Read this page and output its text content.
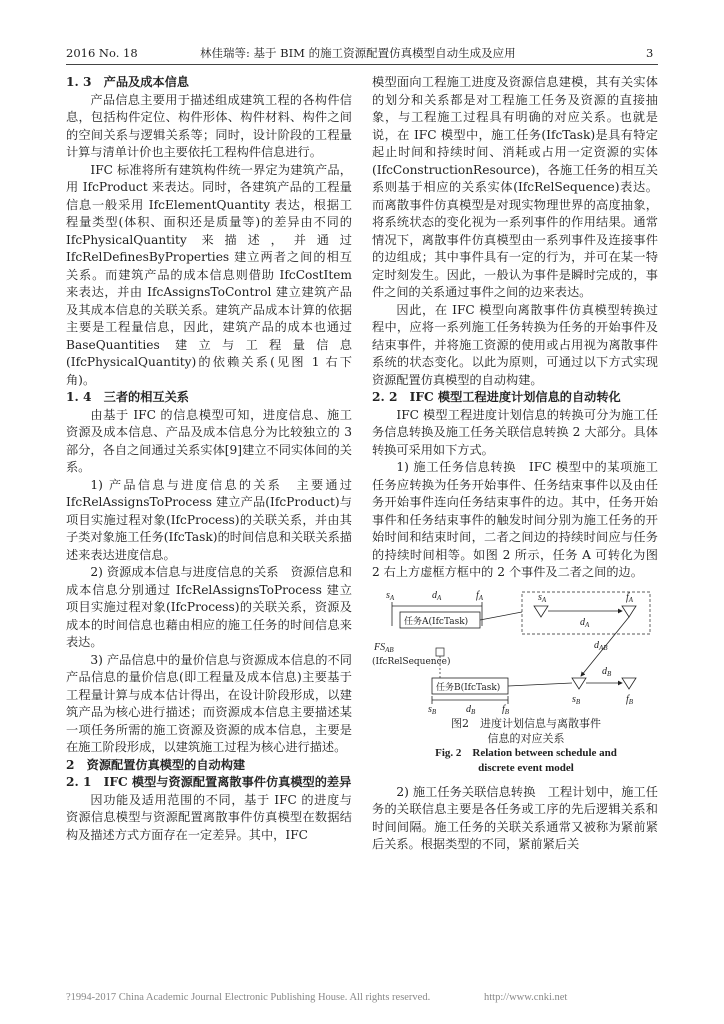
2016 No. 18	林佳瑞等: 基于 BIM 的施工资源配置仿真模型自动生成及应用	3

1. 3　产品及成本信息

产品信息主要用于描述组成建筑工程的各构件信息，包括构件定位、构件形体、构件材料、构件之间的空间关系与逻辑关系等；同时，设计阶段的工程量计算与清单计价也主要依托工程构件信息进行。

IFC 标准将所有建筑构件统一界定为建筑产品，用 IfcProduct 来表达。同时，各建筑产品的工程量信息一般采用 IfcElementQuantity 表达，根据工程量类型(体积、面积还是质量等)的差异由不同的 IfcPhysicalQuantity 来描述，并通过 IfcRelDefinesByProperties 建立两者之间的相互关系。而建筑产品的成本信息则借助 IfcCostItem 来表达，并由 IfcAssignsToControl 建立建筑产品及其成本信息的关联关系。建筑产品成本计算的依据主要是工程量信息，因此，建筑产品的成本也通过 BaseQuantities 建立与工程量信息(IfcPhysicalQuantity)的依赖关系(见图 1 右下角)。

1. 4　三者的相互关系

由基于 IFC 的信息模型可知，进度信息、施工资源及成本信息、产品及成本信息分为比较独立的 3 部分，各自之间通过关系实体[9]建立不同实体间的关系。

1) 产品信息与进度信息的关系　主要通过 IfcRelAssignsToProcess 建立产品(IfcProduct)与项目实施过程对象(IfcProcess)的关联关系，并由其子类对象施工任务(IfcTask)的时间信息和关联关系描述来表达进度信息。

2) 资源成本信息与进度信息的关系　资源信息和成本信息分别通过 IfcRelAssignsToProcess 建立项目实施过程对象(IfcProcess)的关联关系，资源及成本的时间信息也藉由相应的施工任务的时间信息来表达。

3) 产品信息中的量价信息与资源成本信息的不同　产品信息的量价信息(即工程量及成本信息)主要基于工程量计算与成本估计得出，在设计阶段形成，以建筑产品为核心进行描述；而资源成本信息主要描述某一项任务所需的施工资源及资源的成本信息，主要是在施工阶段形成，以建筑施工过程为核心进行描述。

2　资源配置仿真模型的自动构建

2. 1　IFC 模型与资源配置离散事件仿真模型的差异

因功能及适用范围的不同，基于 IFC 的进度与资源信息模型与资源配置离散事件仿真模型在数据结构及描述方式方面存在一定差异。其中，IFC

模型面向工程施工进度及资源信息建模，其有关实体的划分和关系都是对工程施工任务及资源的直接抽象，与工程施工过程具有明确的对应关系。也就是说，在 IFC 模型中，施工任务(IfcTask)是具有特定起止时间和持续时间、消耗或占用一定资源的实体(IfcConstructionResource)，各施工任务的相互关系则基于相应的关系实体(IfcRelSequence)表达。而离散事件仿真模型是对现实物理世界的高度抽象，将系统状态的变化视为一系列事件的作用结果。通常情况下，离散事件仿真模型由一系列事件及连接事件的边组成；其中事件具有一定的行为，并可在某一特定时刻发生。因此，一般认为事件是瞬时完成的，事件之间的关系通过事件之间的边来表达。

因此，在 IFC 模型向离散事件仿真模型转换过程中，应将一系列施工任务转换为任务的开始事件及结束事件，并将施工资源的使用或占用视为离散事件系统的状态变化。以此为原则，可通过以下方式实现资源配置仿真模型的自动构建。

2. 2　IFC 模型工程进度计划信息的自动转化

IFC 模型工程进度计划信息的转换可分为施工任务信息转换及施工任务关联信息转换 2 大部分。具体转换可采用如下方式。

1) 施工任务信息转换　IFC 模型中的某项施工任务应转换为任务开始事件、任务结束事件以及由任务开始事件连向任务结束事件的边。其中，任务开始事件和任务结束事件的触发时间分别为施工任务的开始时间和结束时间，二者之间边的持续时间应与任务的持续时间相等。如图 2 所示，任务 A 可转化为图 2 右上方虚框方框中的 2 个事件及二者之间的边。

$s_A$	$d_A$	$f_A$
任务A(IfcTask)
$s_A$	$f_A$
$d_A$
$FS_{AB}$
(IfcRelSequence)
任务B(IfcTask)
$s_B$	$d_B$	$f_B$
$s_B$
$d_B$
$f_B$
$d_{AB}$

图2　进度计划信息与离散事件

信息的对应关系

Fig. 2　Relation between schedule and

discrete event model

2) 施工任务关联信息转换　工程计划中，施工任务的关联信息主要是各任务或工序的先后逻辑关系和时间间隔。施工任务的关联关系通常又被称为紧前紧后关系。根据类型的不同，紧前紧后关

?1994-2017 China Academic Journal Electronic Publishing House. All rights reserved.	http://www.cnki.net
